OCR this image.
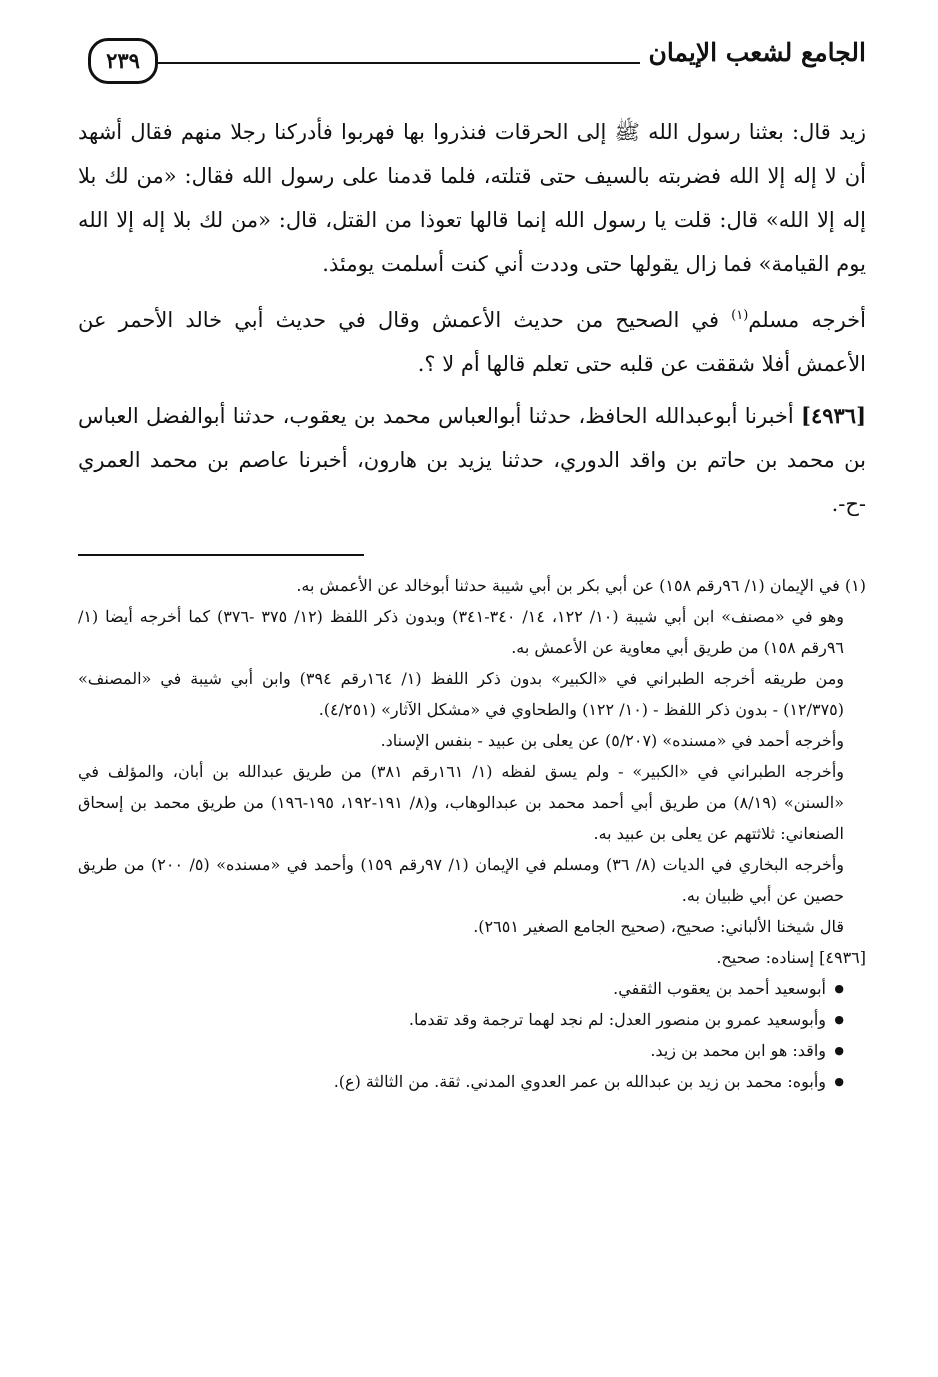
الجامع لشعب الإيمان
٢٣٩

زيد قال: بعثنا رسول الله ﷺ إلى الحرقات فنذروا بها فهربوا فأدركنا رجلا منهم فقال أشهد أن لا إله إلا الله فضربته بالسيف حتى قتلته، فلما قدمنا على رسول الله فقال: «من لك بلا إله إلا الله» قال: قلت يا رسول الله إنما قالها تعوذا من القتل، قال: «من لك بلا إله إلا الله يوم القيامة» فما زال يقولها حتى وددت أني كنت أسلمت يومئذ.

أخرجه مسلم$^{(١)}$ في الصحيح من حديث الأعمش وقال في حديث أبي خالد الأحمر عن الأعمش أفلا شققت عن قلبه حتى تعلم قالها أم لا ؟.

[٤٩٣٦] أخبرنا أبوعبدالله الحافظ، حدثنا أبوالعباس محمد بن يعقوب، حدثنا أبوالفضل العباس بن محمد بن حاتم بن واقد الدوري، حدثنا يزيد بن هارون، أخبرنا عاصم بن محمد العمري -ح-.

(١) في الإيمان (١/ ٩٦رقم ١٥٨) عن أبي بكر بن أبي شيبة حدثنا أبوخالد عن الأعمش به.

وهو في «مصنف» ابن أبي شيبة (١٠/ ١٢٢، ١٤/ ٣٤٠-٣٤١) وبدون ذكر اللفظ (١٢/ ٣٧٥ -٣٧٦) كما أخرجه أيضا (١/ ٩٦رقم ١٥٨) من طريق أبي معاوية عن الأعمش به.

ومن طريقه أخرجه الطبراني في «الكبير» بدون ذكر اللفظ (١/ ١٦٤رقم ٣٩٤) وابن أبي شيبة في «المصنف» (١٢/٣٧٥) - بدون ذكر اللفظ - (١٠/ ١٢٢) والطحاوي في «مشكل الآثار» (٤/٢٥١).

وأخرجه أحمد في «مسنده» (٥/٢٠٧) عن يعلى بن عبيد - بنفس الإسناد.

وأخرجه الطبراني في «الكبير» - ولم يسق لفظه (١/ ١٦١رقم ٣٨١) من طريق عبدالله بن أبان، والمؤلف في «السنن» (٨/١٩) من طريق أبي أحمد محمد بن عبدالوهاب، و(٨/ ١٩١-١٩٢، ١٩٥-١٩٦) من طريق محمد بن إسحاق الصنعاني: ثلاثتهم عن يعلى بن عبيد به.

وأخرجه البخاري في الديات (٨/ ٣٦) ومسلم في الإيمان (١/ ٩٧رقم ١٥٩) وأحمد في «مسنده» (٥/ ٢٠٠) من طريق حصين عن أبي ظبيان به.

قال شيخنا الألباني: صحيح، (صحيح الجامع الصغير ٢٦٥١).

[٤٩٣٦] إسناده: صحيح.

● أبوسعيد أحمد بن يعقوب الثقفي.
● وأبوسعيد عمرو بن منصور العدل: لم نجد لهما ترجمة وقد تقدما.
● واقد: هو ابن محمد بن زيد.
● وأبوه: محمد بن زيد بن عبدالله بن عمر العدوي المدني. ثقة. من الثالثة (ع).
